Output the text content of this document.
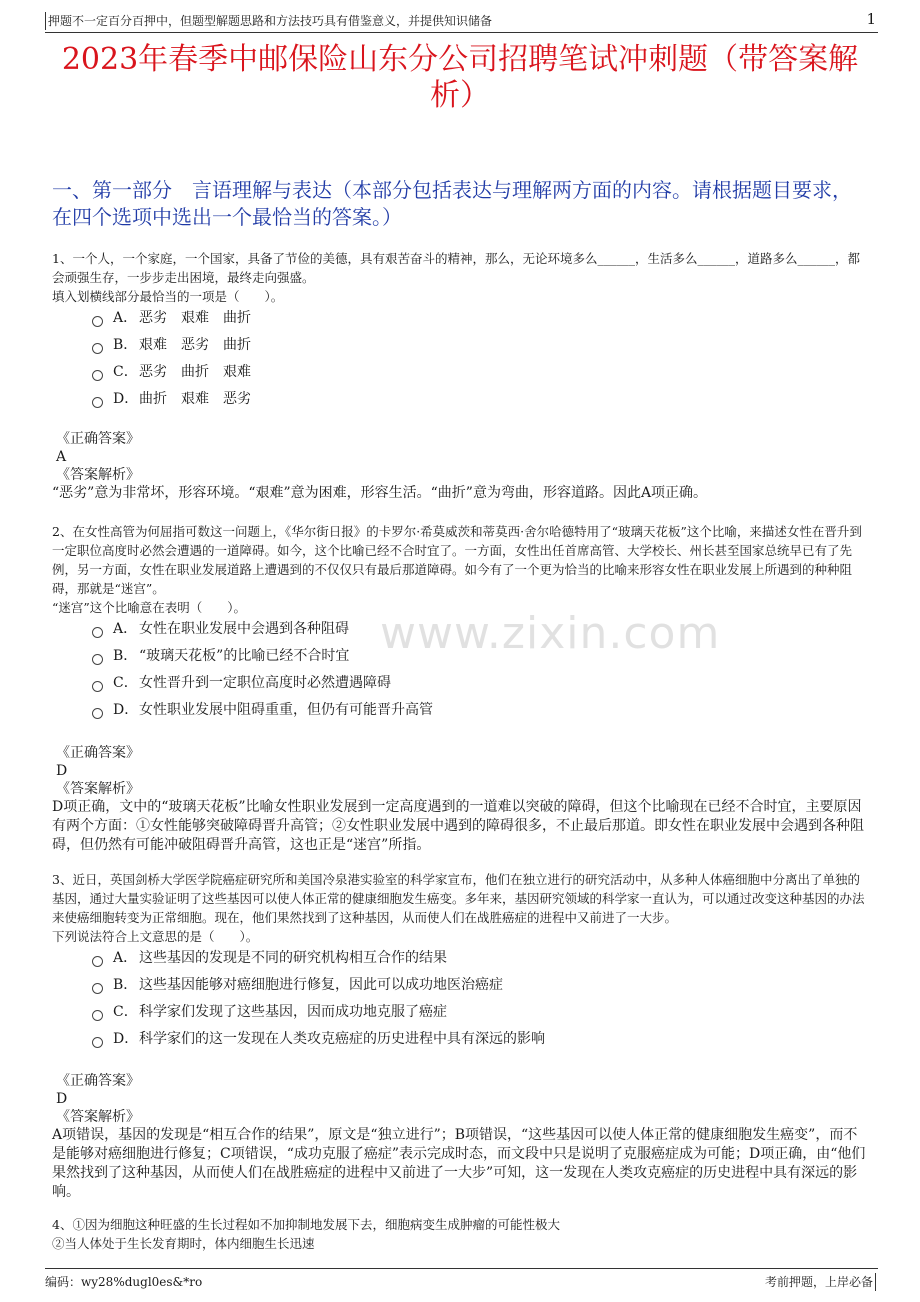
押题不一定百分百押中，但题型解题思路和方法技巧具有借鉴意义，并提供知识储备	1
2023年春季中邮保险山东分公司招聘笔试冲刺题（带答案解析）
一、第一部分　言语理解与表达（本部分包括表达与理解两方面的内容。请根据题目要求，在四个选项中选出一个最恰当的答案。）
1、一个人，一个家庭，一个国家，具备了节俭的美德，具有艰苦奋斗的精神，那么，无论环境多么______，生活多么______，道路多么______，都会顽强生存，一步步走出困境，最终走向强盛。
填入划横线部分最恰当的一项是（　　）。
A． 恶劣　艰难　曲折
B． 艰难　恶劣　曲折
C． 恶劣　曲折　艰难
D． 曲折　艰难　恶劣
《正确答案》
A
《答案解析》
“恶劣”意为非常坏，形容环境。“艰难”意为困难，形容生活。“曲折”意为弯曲，形容道路。因此A项正确。
2、在女性高管为何屈指可数这一问题上，《华尔街日报》的卡罗尔·希莫威茨和蒂莫西·舍尔哈德特用了“玻璃天花板”这个比喻，来描述女性在晋升到一定职位高度时必然会遭遇的一道障碍。如今，这个比喻已经不合时宜了。一方面，女性出任首席高管、大学校长、州长甚至国家总统早已有了先例，另一方面，女性在职业发展道路上遭遇到的不仅仅只有最后那道障碍。如今有了一个更为恰当的比喻来形容女性在职业发展上所遇到的种种阻碍，那就是“迷宫”。
“迷宫”这个比喻意在表明（　　）。
A． 女性在职业发展中会遇到各种阻碍
B． “玻璃天花板”的比喻已经不合时宜
C． 女性晋升到一定职位高度时必然遭遇障碍
D． 女性职业发展中阻碍重重，但仍有可能晋升高管
《正确答案》
D
《答案解析》
D项正确，文中的“玻璃天花板”比喻女性职业发展到一定高度遇到的一道难以突破的障碍，但这个比喻现在已经不合时宜，主要原因有两个方面：①女性能够突破障碍晋升高管；②女性职业发展中遇到的障碍很多，不止最后那道。即女性在职业发展中会遇到各种阻碍，但仍然有可能冲破阻碍晋升高管，这也正是“迷宫”所指。
3、近日，英国剑桥大学医学院癌症研究所和美国冷泉港实验室的科学家宣布，他们在独立进行的研究活动中，从多种人体癌细胞中分离出了单独的基因，通过大量实验证明了这些基因可以使人体正常的健康细胞发生癌变。多年来，基因研究领域的科学家一直认为，可以通过改变这种基因的办法来使癌细胞转变为正常细胞。现在，他们果然找到了这种基因，从而使人们在战胜癌症的进程中又前进了一大步。
下列说法符合上文意思的是（　　）。
A． 这些基因的发现是不同的研究机构相互合作的结果
B． 这些基因能够对癌细胞进行修复，因此可以成功地医治癌症
C． 科学家们发现了这些基因，因而成功地克服了癌症
D． 科学家们的这一发现在人类攻克癌症的历史进程中具有深远的影响
《正确答案》
D
《答案解析》
A项错误，基因的发现是“相互合作的结果”，原文是“独立进行”；B项错误，“这些基因可以使人体正常的健康细胞发生癌变”，而不是能够对癌细胞进行修复；C项错误，“成功克服了癌症”表示完成时态，而文段中只是说明了克服癌症成为可能；D项正确，由“他们果然找到了这种基因，从而使人们在战胜癌症的进程中又前进了一大步”可知，这一发现在人类攻克癌症的历史进程中具有深远的影响。
4、①因为细胞这种旺盛的生长过程如不加抑制地发展下去，细胞病变生成肿瘤的可能性极大
②当人体处于生长发育期时，体内细胞生长迅速
www.zixin.com
编码：wy28%dugl0es&*ro	考前押题，上岸必备
